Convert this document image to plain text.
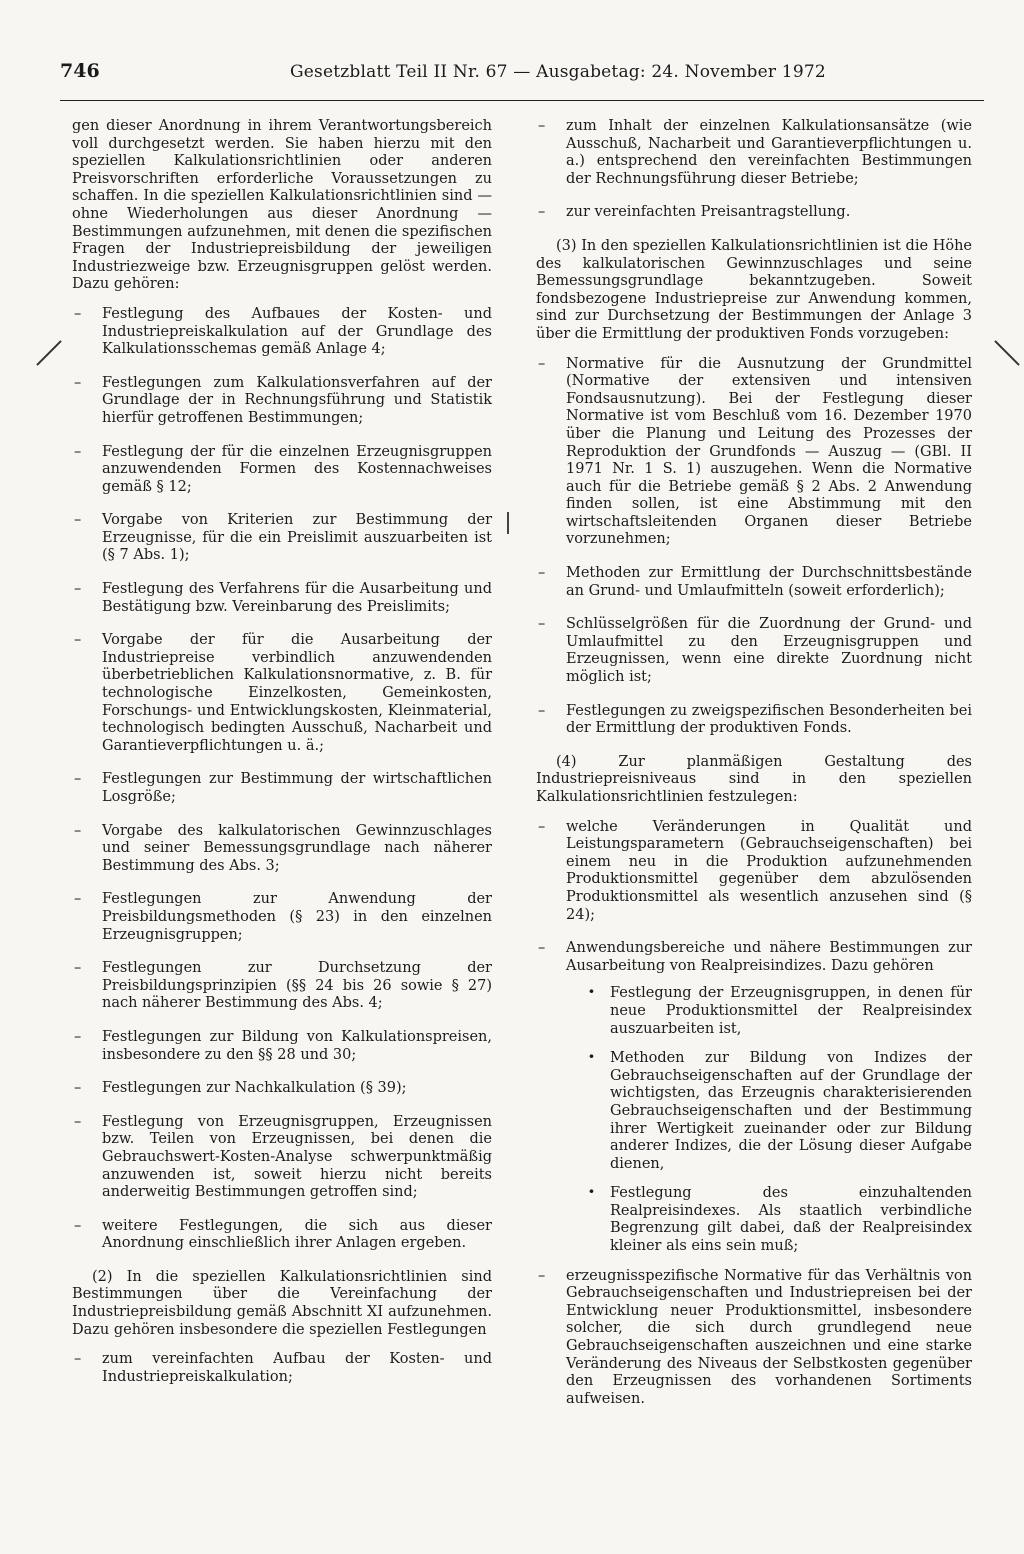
746	Gesetzblatt Teil II Nr. 67 — Ausgabetag: 24. November 1972

gen dieser Anordnung in ihrem Verantwortungsbereich voll durchgesetzt werden. Sie haben hierzu mit den speziellen Kalkulationsrichtlinien oder anderen Preisvorschriften erforderliche Voraussetzungen zu schaffen. In die speziellen Kalkulationsrichtlinien sind — ohne Wiederholungen aus dieser Anordnung — Bestimmungen aufzunehmen, mit denen die spezifischen Fragen der Industriepreisbildung der jeweiligen Industriezweige bzw. Erzeugnisgruppen gelöst werden. Dazu gehören:

– Festlegung des Aufbaues der Kosten- und Industriepreiskalkulation auf der Grundlage des Kalkulationsschemas gemäß Anlage 4;
– Festlegungen zum Kalkulationsverfahren auf der Grundlage der in Rechnungsführung und Statistik hierfür getroffenen Bestimmungen;
– Festlegung der für die einzelnen Erzeugnisgruppen anzuwendenden Formen des Kostennachweises gemäß § 12;
– Vorgabe von Kriterien zur Bestimmung der Erzeugnisse, für die ein Preislimit auszuarbeiten ist (§ 7 Abs. 1);
– Festlegung des Verfahrens für die Ausarbeitung und Bestätigung bzw. Vereinbarung des Preislimits;
– Vorgabe der für die Ausarbeitung der Industriepreise verbindlich anzuwendenden überbetrieblichen Kalkulationsnormative, z. B. für technologische Einzelkosten, Gemeinkosten, Forschungs- und Entwicklungskosten, Kleinmaterial, technologisch bedingten Ausschuß, Nacharbeit und Garantieverpflichtungen u. ä.;
– Festlegungen zur Bestimmung der wirtschaftlichen Losgröße;
– Vorgabe des kalkulatorischen Gewinnzuschlages und seiner Bemessungsgrundlage nach näherer Bestimmung des Abs. 3;
– Festlegungen zur Anwendung der Preisbildungsmethoden (§ 23) in den einzelnen Erzeugnisgruppen;
– Festlegungen zur Durchsetzung der Preisbildungsprinzipien (§§ 24 bis 26 sowie § 27) nach näherer Bestimmung des Abs. 4;
– Festlegungen zur Bildung von Kalkulationspreisen, insbesondere zu den §§ 28 und 30;
– Festlegungen zur Nachkalkulation (§ 39);
– Festlegung von Erzeugnisgruppen, Erzeugnissen bzw. Teilen von Erzeugnissen, bei denen die Gebrauchswert-Kosten-Analyse schwerpunktmäßig anzuwenden ist, soweit hierzu nicht bereits anderweitig Bestimmungen getroffen sind;
– weitere Festlegungen, die sich aus dieser Anordnung einschließlich ihrer Anlagen ergeben.

(2) In die speziellen Kalkulationsrichtlinien sind Bestimmungen über die Vereinfachung der Industriepreisbildung gemäß Abschnitt XI aufzunehmen. Dazu gehören insbesondere die speziellen Festlegungen

– zum vereinfachten Aufbau der Kosten- und Industriepreiskalkulation;
– zum Inhalt der einzelnen Kalkulationsansätze (wie Ausschuß, Nacharbeit und Garantieverpflichtungen u. a.) entsprechend den vereinfachten Bestimmungen der Rechnungsführung dieser Betriebe;
– zur vereinfachten Preisantragstellung.

(3) In den speziellen Kalkulationsrichtlinien ist die Höhe des kalkulatorischen Gewinnzuschlages und seine Bemessungsgrundlage bekanntzugeben. Soweit fondsbezogene Industriepreise zur Anwendung kommen, sind zur Durchsetzung der Bestimmungen der Anlage 3 über die Ermittlung der produktiven Fonds vorzugeben:

– Normative für die Ausnutzung der Grundmittel (Normative der extensiven und intensiven Fondsausnutzung). Bei der Festlegung dieser Normative ist vom Beschluß vom 16. Dezember 1970 über die Planung und Leitung des Prozesses der Reproduktion der Grundfonds — Auszug — (GBl. II 1971 Nr. 1 S. 1) auszugehen. Wenn die Normative auch für die Betriebe gemäß § 2 Abs. 2 Anwendung finden sollen, ist eine Abstimmung mit den wirtschaftsleitenden Organen dieser Betriebe vorzunehmen;
– Methoden zur Ermittlung der Durchschnittsbestände an Grund- und Umlaufmitteln (soweit erforderlich);
– Schlüsselgrößen für die Zuordnung der Grund- und Umlaufmittel zu den Erzeugnisgruppen und Erzeugnissen, wenn eine direkte Zuordnung nicht möglich ist;
– Festlegungen zu zweigspezifischen Besonderheiten bei der Ermittlung der produktiven Fonds.

(4) Zur planmäßigen Gestaltung des Industriepreisniveaus sind in den speziellen Kalkulationsrichtlinien festzulegen:

– welche Veränderungen in Qualität und Leistungsparametern (Gebrauchseigenschaften) bei einem neu in die Produktion aufzunehmenden Produktionsmittel gegenüber dem abzulösenden Produktionsmittel als wesentlich anzusehen sind (§ 24);
– Anwendungsbereiche und nähere Bestimmungen zur Ausarbeitung von Realpreisindizes. Dazu gehören
· Festlegung der Erzeugnisgruppen, in denen für neue Produktionsmittel der Realpreisindex auszuarbeiten ist,
· Methoden zur Bildung von Indizes der Gebrauchseigenschaften auf der Grundlage der wichtigsten, das Erzeugnis charakterisierenden Gebrauchseigenschaften und der Bestimmung ihrer Wertigkeit zueinander oder zur Bildung anderer Indizes, die der Lösung dieser Aufgabe dienen,
· Festlegung des einzuhaltenden Realpreisindexes. Als staatlich verbindliche Begrenzung gilt dabei, daß der Realpreisindex kleiner als eins sein muß;
– erzeugnisspezifische Normative für das Verhältnis von Gebrauchseigenschaften und Industriepreisen bei der Entwicklung neuer Produktionsmittel, insbesondere solcher, die sich durch grundlegend neue Gebrauchseigenschaften auszeichnen und eine starke Veränderung des Niveaus der Selbstkosten gegenüber den Erzeugnissen des vorhandenen Sortiments aufweisen.
